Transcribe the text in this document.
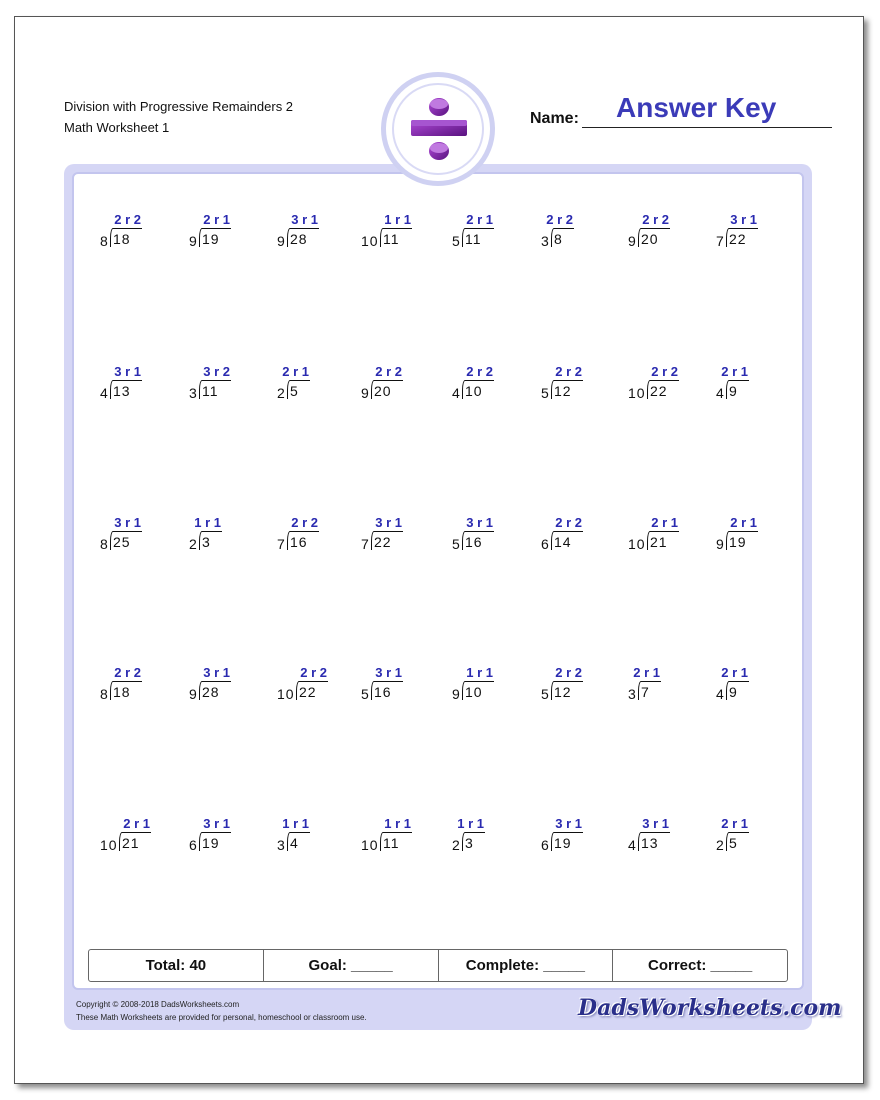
Division with Progressive Remainders 2
Math Worksheet 1
Name: Answer Key
2 r 2
8 18
2 r 1
9 19
3 r 1
9 28
1 r 1
10 11
2 r 1
5 11
2 r 2
3 8
2 r 2
9 20
3 r 1
7 22
3 r 1
4 13
3 r 2
3 11
2 r 1
2 5
2 r 2
9 20
2 r 2
4 10
2 r 2
5 12
2 r 2
10 22
2 r 1
4 9
3 r 1
8 25
1 r 1
2 3
2 r 2
7 16
3 r 1
7 22
3 r 1
5 16
2 r 2
6 14
2 r 1
10 21
2 r 1
9 19
2 r 2
8 18
3 r 1
9 28
2 r 2
10 22
3 r 1
5 16
1 r 1
9 10
2 r 2
5 12
2 r 1
3 7
2 r 1
4 9
2 r 1
10 21
3 r 1
6 19
1 r 1
3 4
1 r 1
10 11
1 r 1
2 3
3 r 1
6 19
3 r 1
4 13
2 r 1
2 5
Total: 40	Goal: _____	Complete: _____	Correct: _____
Copyright © 2008-2018 DadsWorksheets.com
These Math Worksheets are provided for personal, homeschool or classroom use.	DadsWorksheets.com
